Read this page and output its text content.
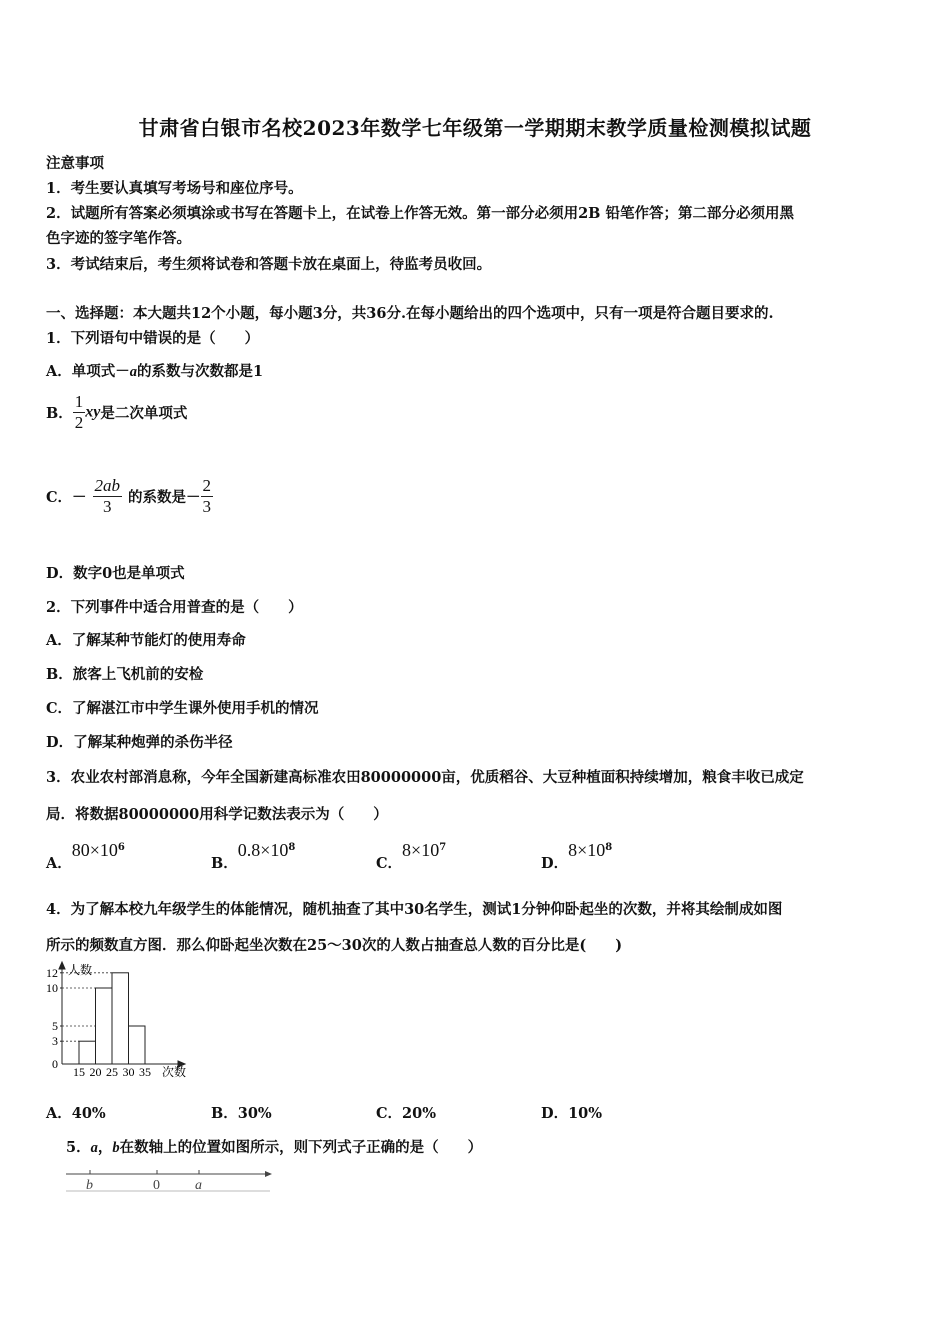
甘肃省白银市名校2023年数学七年级第一学期期末教学质量检测模拟试题
注意事项
1．考生要认真填写考场号和座位序号。
2．试题所有答案必须填涂或书写在答题卡上，在试卷上作答无效。第一部分必须用2B 铅笔作答；第二部分必须用黑
色字迹的签字笔作答。
3．考试结束后，考生须将试卷和答题卡放在桌面上，待监考员收回。
一、选择题：本大题共12个小题，每小题3分，共36分.在每小题给出的四个选项中，只有一项是符合题目要求的.
1．下列语句中错误的是（　　）
A．单项式－a的系数与次数都是1
B． $\frac{1}{2}$ xy是二次单项式
C．－ $\frac{2ab}{3}$ 的系数是－ $\frac{2}{3}$
D．数字0也是单项式
2．下列事件中适合用普查的是（　　）
A．了解某种节能灯的使用寿命
B．旅客上飞机前的安检
C．了解湛江市中学生课外使用手机的情况
D．了解某种炮弹的杀伤半径
3．农业农村部消息称，今年全国新建高标准农田80000000亩，优质稻谷、大豆种植面积持续增加，粮食丰收已成定
局．将数据80000000用科学记数法表示为（　　）
A．$80\times 10^6$
B．$0.8\times 10^8$
C．$8\times 10^7$
D．$8\times 10^8$
4．为了解本校九年级学生的体能情况，随机抽查了其中30名学生，测试1分钟仰卧起坐的次数，并将其绘制成如图
所示的频数直方图．那么仰卧起坐次数在25～30次的人数占抽查总人数的百分比是(　　)
0
3
5
10
12
15 20 25 30 35
人数
次数
A．40%	B．30%	C．20%	D．10%
5．a，b在数轴上的位置如图所示，则下列式子正确的是（　　）
b	0	a
